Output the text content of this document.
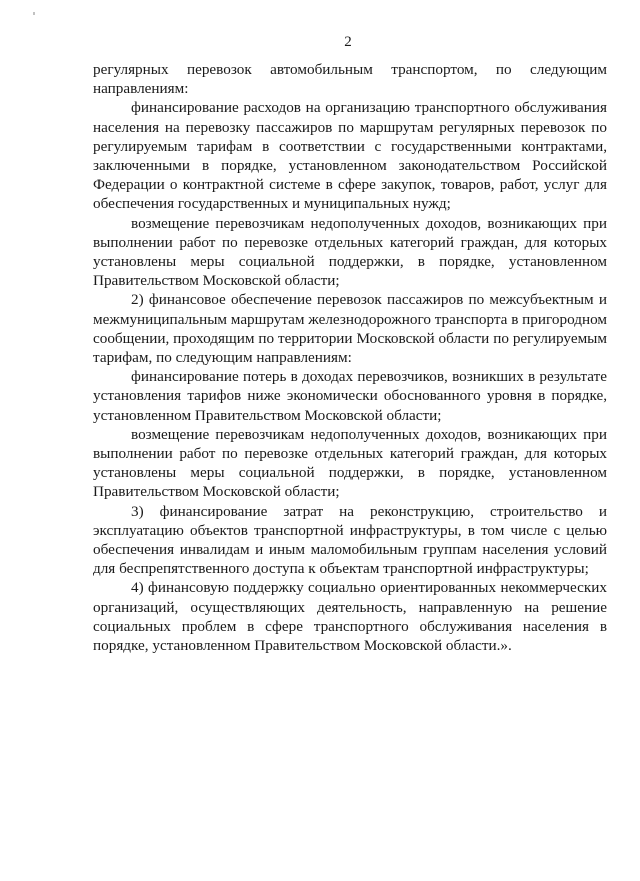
2

регулярных перевозок автомобильным транспортом, по следующим направлениям:

финансирование расходов на организацию транспортного обслуживания населения на перевозку пассажиров по маршрутам регулярных перевозок по регулируемым тарифам в соответствии с государственными контрактами, заключенными в порядке, установленном законодательством Российской Федерации о контрактной системе в сфере закупок, товаров, работ, услуг для обеспечения государственных и муниципальных нужд;

возмещение перевозчикам недополученных доходов, возникающих при выполнении работ по перевозке отдельных категорий граждан, для которых установлены меры социальной поддержки, в порядке, установленном Правительством Московской области;

2) финансовое обеспечение перевозок пассажиров по межсубъектным и межмуниципальным маршрутам железнодорожного транспорта в пригородном сообщении, проходящим по территории Московской области по регулируемым тарифам, по следующим направлениям:

финансирование потерь в доходах перевозчиков, возникших в результате установления тарифов ниже экономически обоснованного уровня в порядке, установленном Правительством Московской области;

возмещение перевозчикам недополученных доходов, возникающих при выполнении работ по перевозке отдельных категорий граждан, для которых установлены меры социальной поддержки, в порядке, установленном Правительством Московской области;

3) финансирование затрат на реконструкцию, строительство и эксплуатацию объектов транспортной инфраструктуры, в том числе с целью обеспечения инвалидам и иным маломобильным группам населения условий для беспрепятственного доступа к объектам транспортной инфраструктуры;

4) финансовую поддержку социально ориентированных некоммерческих организаций, осуществляющих деятельность, направленную на решение социальных проблем в сфере транспортного обслуживания населения в порядке, установленном Правительством Московской области.».
